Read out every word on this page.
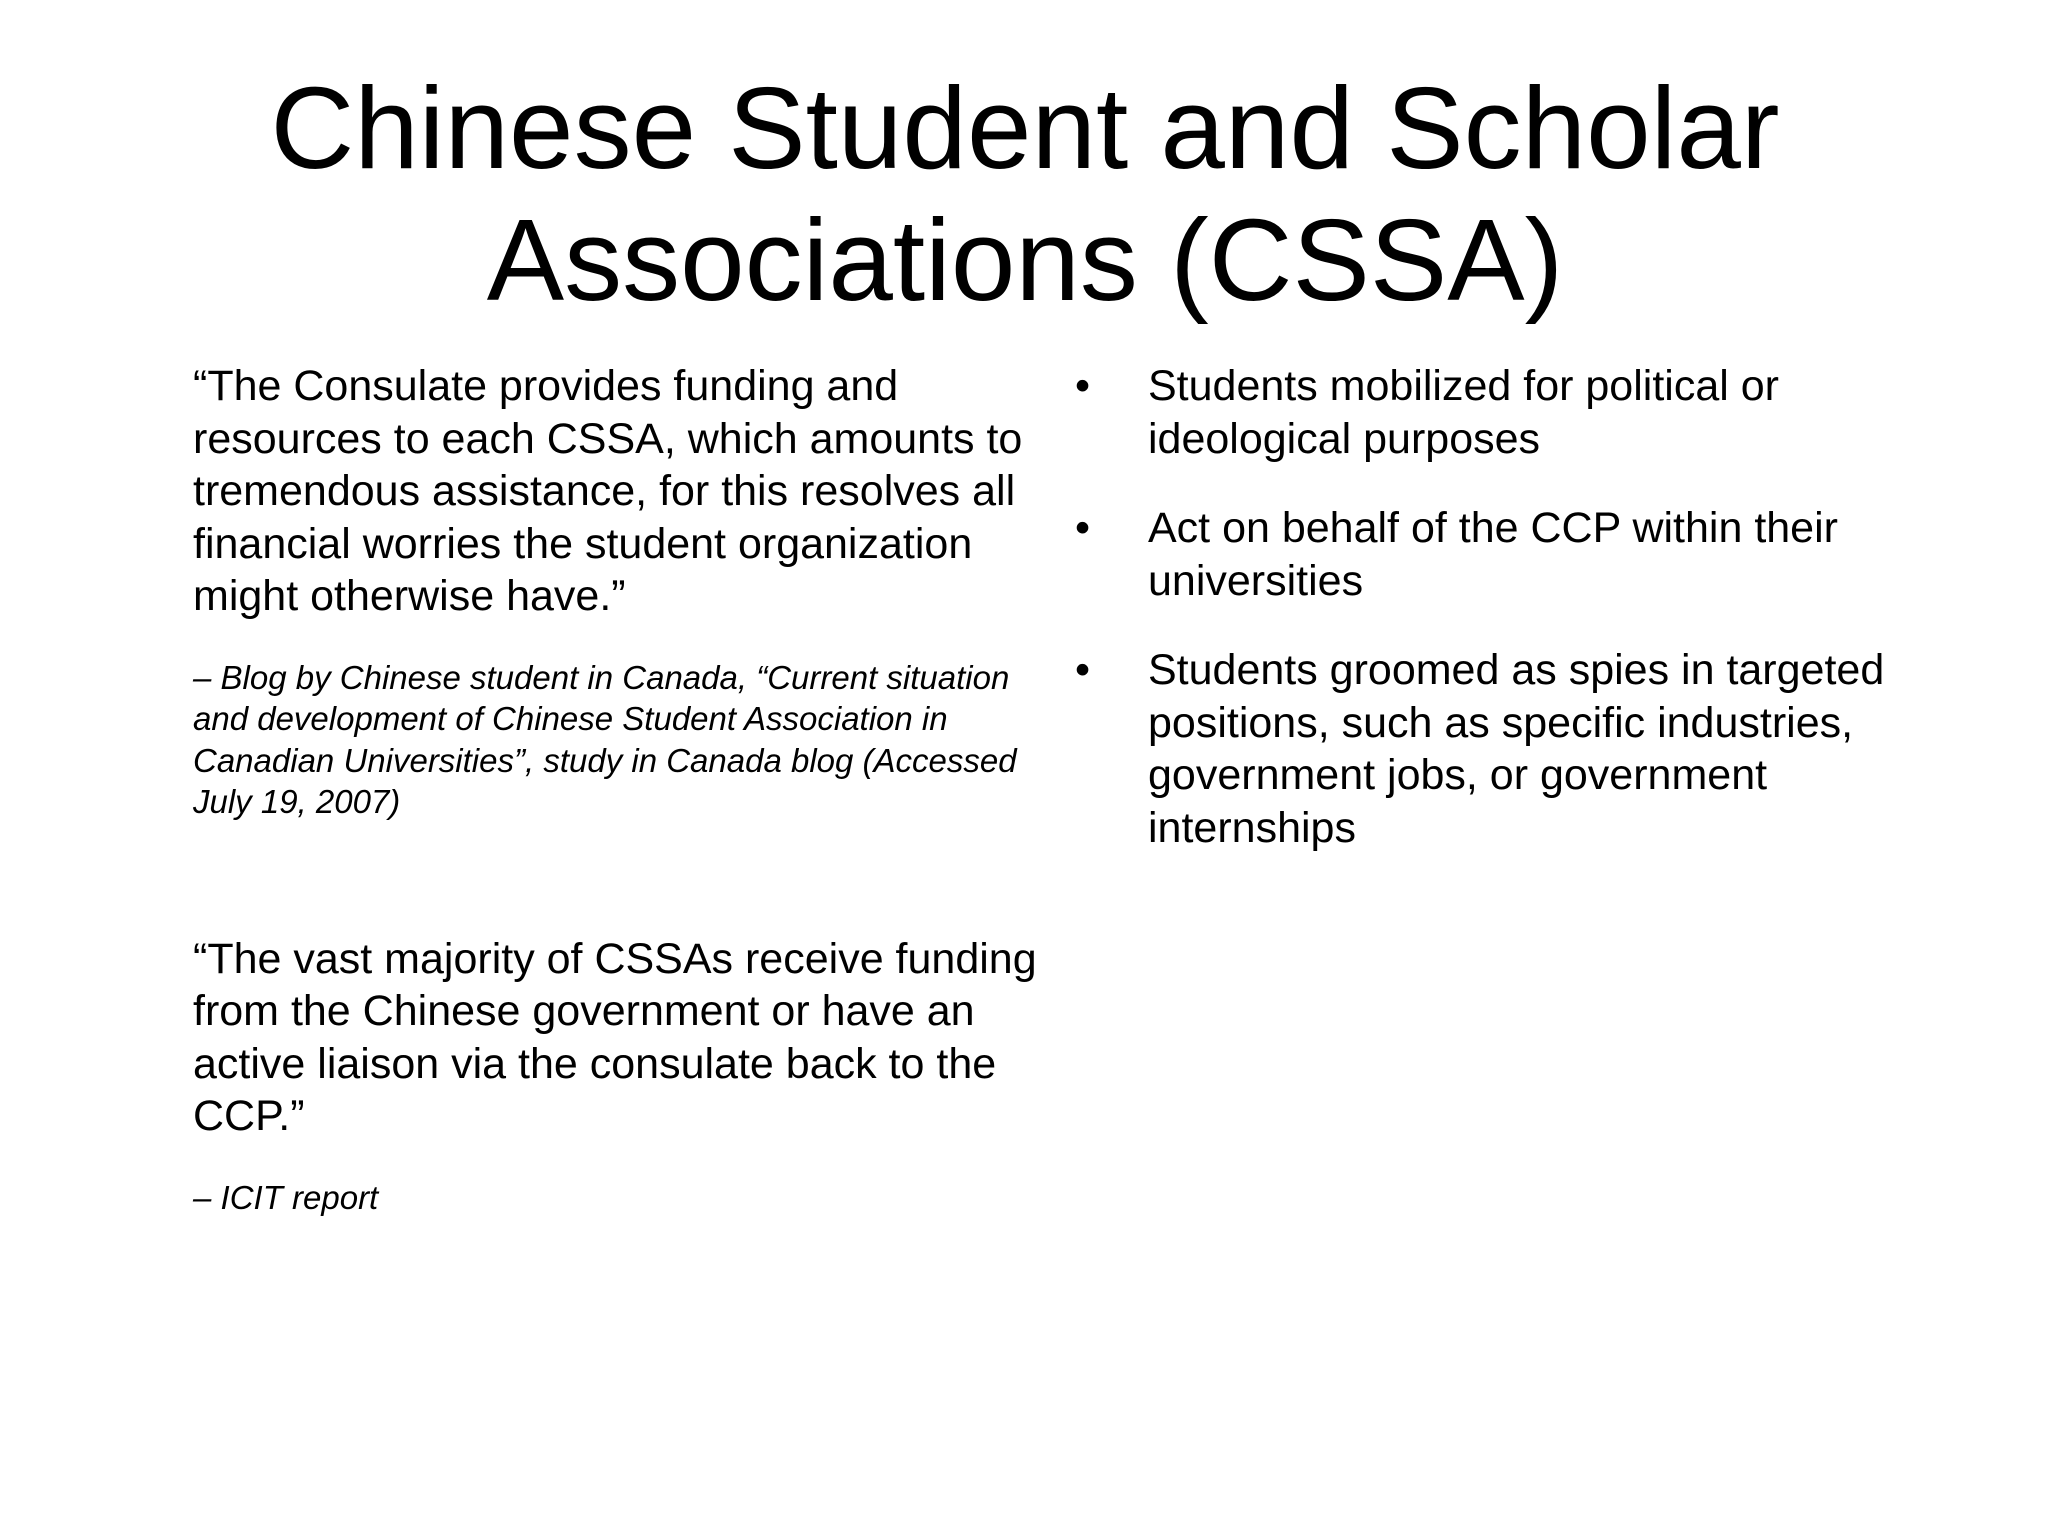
Chinese Student and Scholar Associations (CSSA)

“The Consulate provides funding and resources to each CSSA, which amounts to tremendous assistance, for this resolves all financial worries the student organization might otherwise have.”

– Blog by Chinese student in Canada, “Current situation and development of Chinese Student Association in Canadian Universities”, study in Canada blog (Accessed July 19, 2007)

“The vast majority of CSSAs receive funding from the Chinese government or have an active liaison via the consulate back to the CCP.”

– ICIT report

•	Students mobilized for political or ideological purposes
•	Act on behalf of the CCP within their universities
•	Students groomed as spies in targeted positions, such as specific industries, government jobs, or government internships
